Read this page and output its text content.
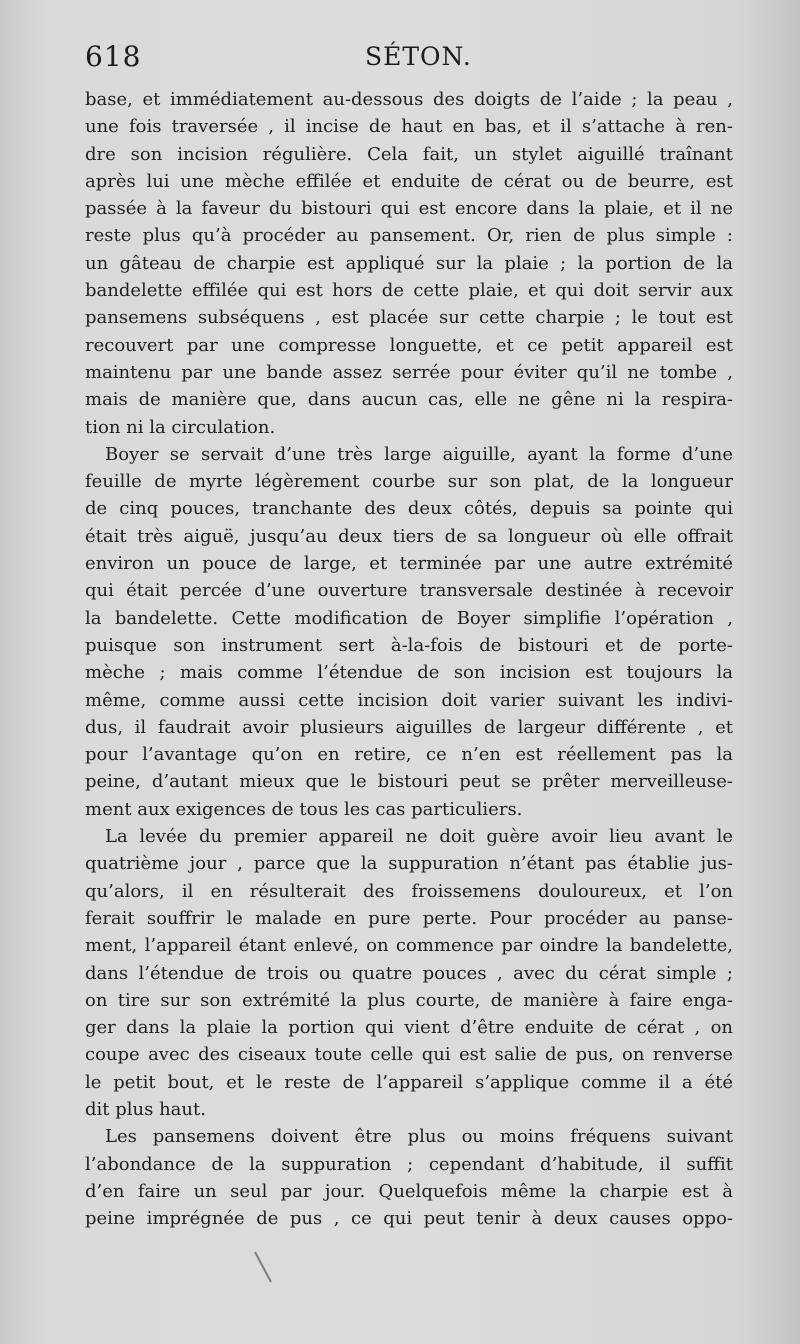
618	SÉTON.
base, et immédiatement au-dessous des doigts de l’aide ; la peau ,
une fois traversée , il incise de haut en bas, et il s’attache à ren-
dre son incision régulière. Cela fait, un stylet aiguillé traînant
après lui une mèche effilée et enduite de cérat ou de beurre, est
passée à la faveur du bistouri qui est encore dans la plaie, et il ne
reste plus qu’à procéder au pansement. Or, rien de plus simple :
un gâteau de charpie est appliqué sur la plaie ; la portion de la
bandelette effilée qui est hors de cette plaie, et qui doit servir aux
pansemens subséquens , est placée sur cette charpie ; le tout est
recouvert par une compresse longuette, et ce petit appareil est
maintenu par une bande assez serrée pour éviter qu’il ne tombe ,
mais de manière que, dans aucun cas, elle ne gêne ni la respira-
tion ni la circulation.
Boyer se servait d’une très large aiguille, ayant la forme d’une
feuille de myrte légèrement courbe sur son plat, de la longueur
de cinq pouces, tranchante des deux côtés, depuis sa pointe qui
était très aiguë, jusqu’au deux tiers de sa longueur où elle offrait
environ un pouce de large, et terminée par une autre extrémité
qui était percée d’une ouverture transversale destinée à recevoir
la bandelette. Cette modification de Boyer simplifie l’opération ,
puisque son instrument sert à-la-fois de bistouri et de porte-
mèche ; mais comme l’étendue de son incision est toujours la
même, comme aussi cette incision doit varier suivant les indivi-
dus, il faudrait avoir plusieurs aiguilles de largeur différente , et
pour l’avantage qu’on en retire, ce n’en est réellement pas la
peine, d’autant mieux que le bistouri peut se prêter merveilleuse-
ment aux exigences de tous les cas particuliers.
La levée du premier appareil ne doit guère avoir lieu avant le
quatrième jour , parce que la suppuration n’étant pas établie jus-
qu’alors, il en résulterait des froissemens douloureux, et l’on
ferait souffrir le malade en pure perte. Pour procéder au panse-
ment, l’appareil étant enlevé, on commence par oindre la bandelette,
dans l’étendue de trois ou quatre pouces , avec du cérat simple ;
on tire sur son extrémité la plus courte, de manière à faire enga-
ger dans la plaie la portion qui vient d’être enduite de cérat , on
coupe avec des ciseaux toute celle qui est salie de pus, on renverse
le petit bout, et le reste de l’appareil s’applique comme il a été
dit plus haut.
Les pansemens doivent être plus ou moins fréquens suivant
l’abondance de la suppuration ; cependant d’habitude, il suffit
d’en faire un seul par jour. Quelquefois même la charpie est à
peine imprégnée de pus , ce qui peut tenir à deux causes oppo-
